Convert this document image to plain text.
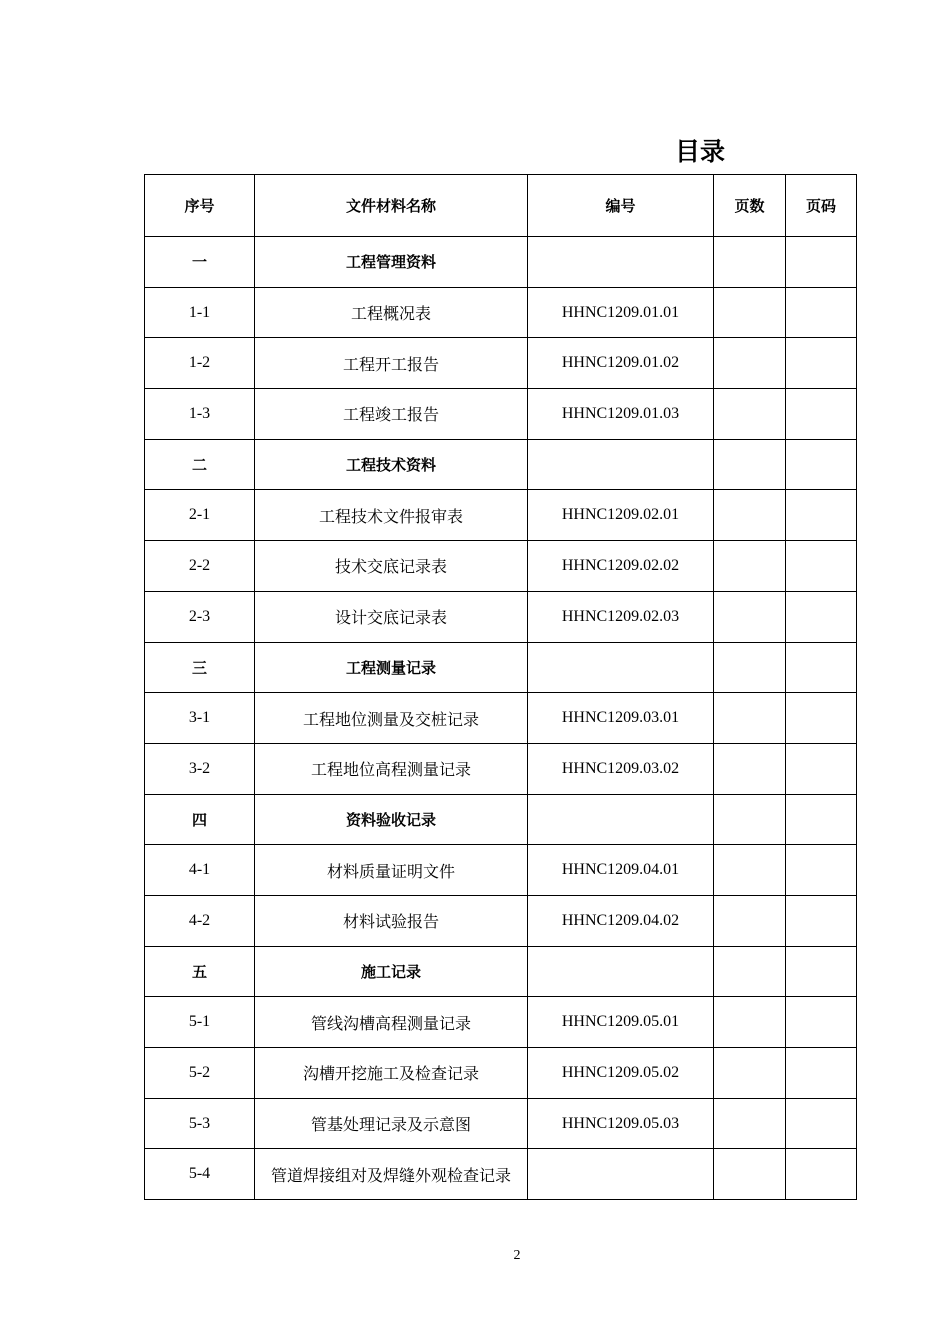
目录
序号	文件材料名称	编号	页数	页码
一	工程管理资料			
1-1	工程概况表	HHNC1209.01.01		
1-2	工程开工报告	HHNC1209.01.02		
1-3	工程竣工报告	HHNC1209.01.03		
二	工程技术资料			
2-1	工程技术文件报审表	HHNC1209.02.01		
2-2	技术交底记录表	HHNC1209.02.02		
2-3	设计交底记录表	HHNC1209.02.03		
三	工程测量记录			
3-1	工程地位测量及交桩记录	HHNC1209.03.01		
3-2	工程地位高程测量记录	HHNC1209.03.02		
四	资料验收记录			
4-1	材料质量证明文件	HHNC1209.04.01		
4-2	材料试验报告	HHNC1209.04.02		
五	施工记录			
5-1	管线沟槽高程测量记录	HHNC1209.05.01		
5-2	沟槽开挖施工及检查记录	HHNC1209.05.02		
5-3	管基处理记录及示意图	HHNC1209.05.03		
5-4	管道焊接组对及焊缝外观检查记录			
2
